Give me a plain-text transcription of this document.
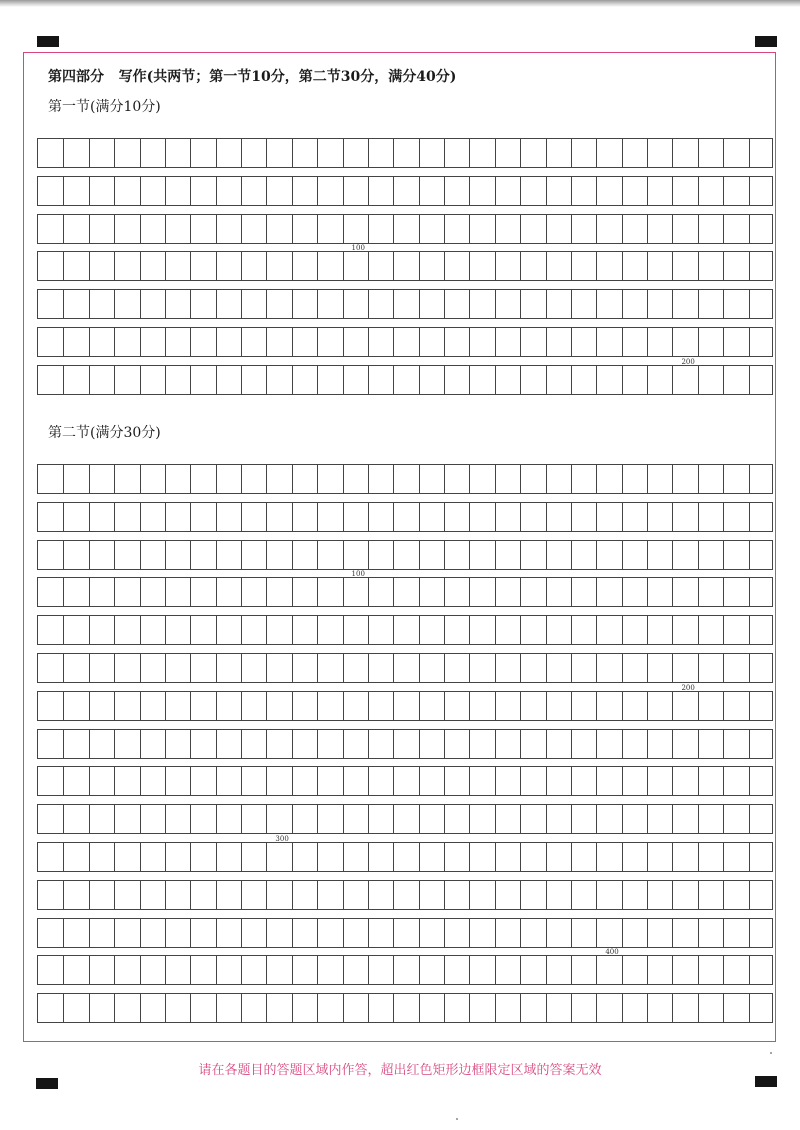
第四部分   写作(共两节；第一节10分，第二节30分，满分40分)
第一节(满分10分)
100
200
第二节(满分30分)
100
200
300
400
请在各题目的答题区域内作答，超出红色矩形边框限定区域的答案无效
